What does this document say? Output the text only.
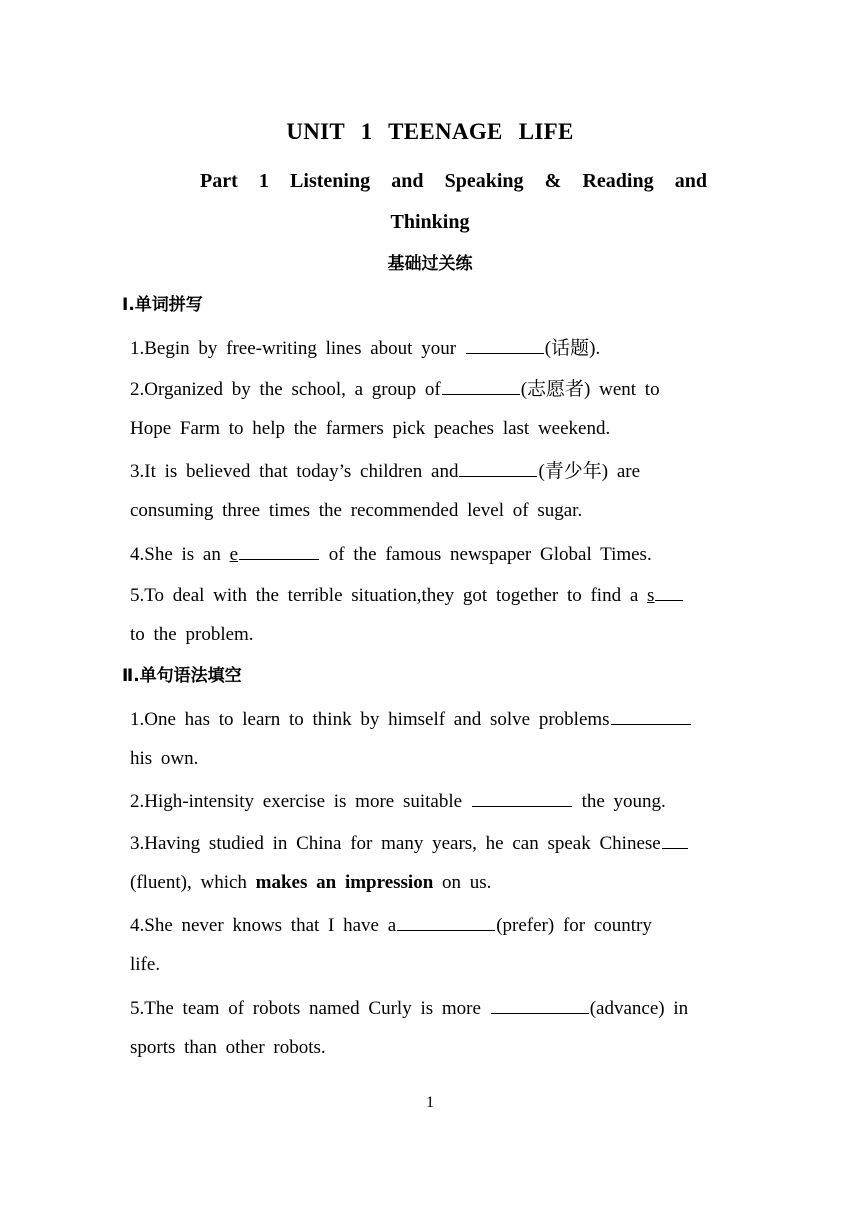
UNIT 1 TEENAGE LIFE
Part 1 Listening and Speaking & Reading and
Thinking
基础过关练
Ⅰ.单词拼写
1.Begin by free-writing lines about your	(话题).
2.Organized by the school, a group of	(志愿者) went to
Hope Farm to help the farmers pick peaches last weekend.
3.It is believed that today’s children and	(青少年) are
consuming three times the recommended level of sugar.
4.She is an e	of the famous newspaper Global Times.
5.To deal with the terrible situation,they got together to find a s
to the problem.
Ⅱ.单句语法填空
1.One has to learn to think by himself and solve problems
his own.
2.High-intensity exercise is more suitable	the young.
3.Having studied in China for many years, he can speak Chinese
(fluent), which makes an impression on us.
4.She never knows that I have a	(prefer) for country
life.
5.The team of robots named Curly is more	(advance) in
sports than other robots.
1
